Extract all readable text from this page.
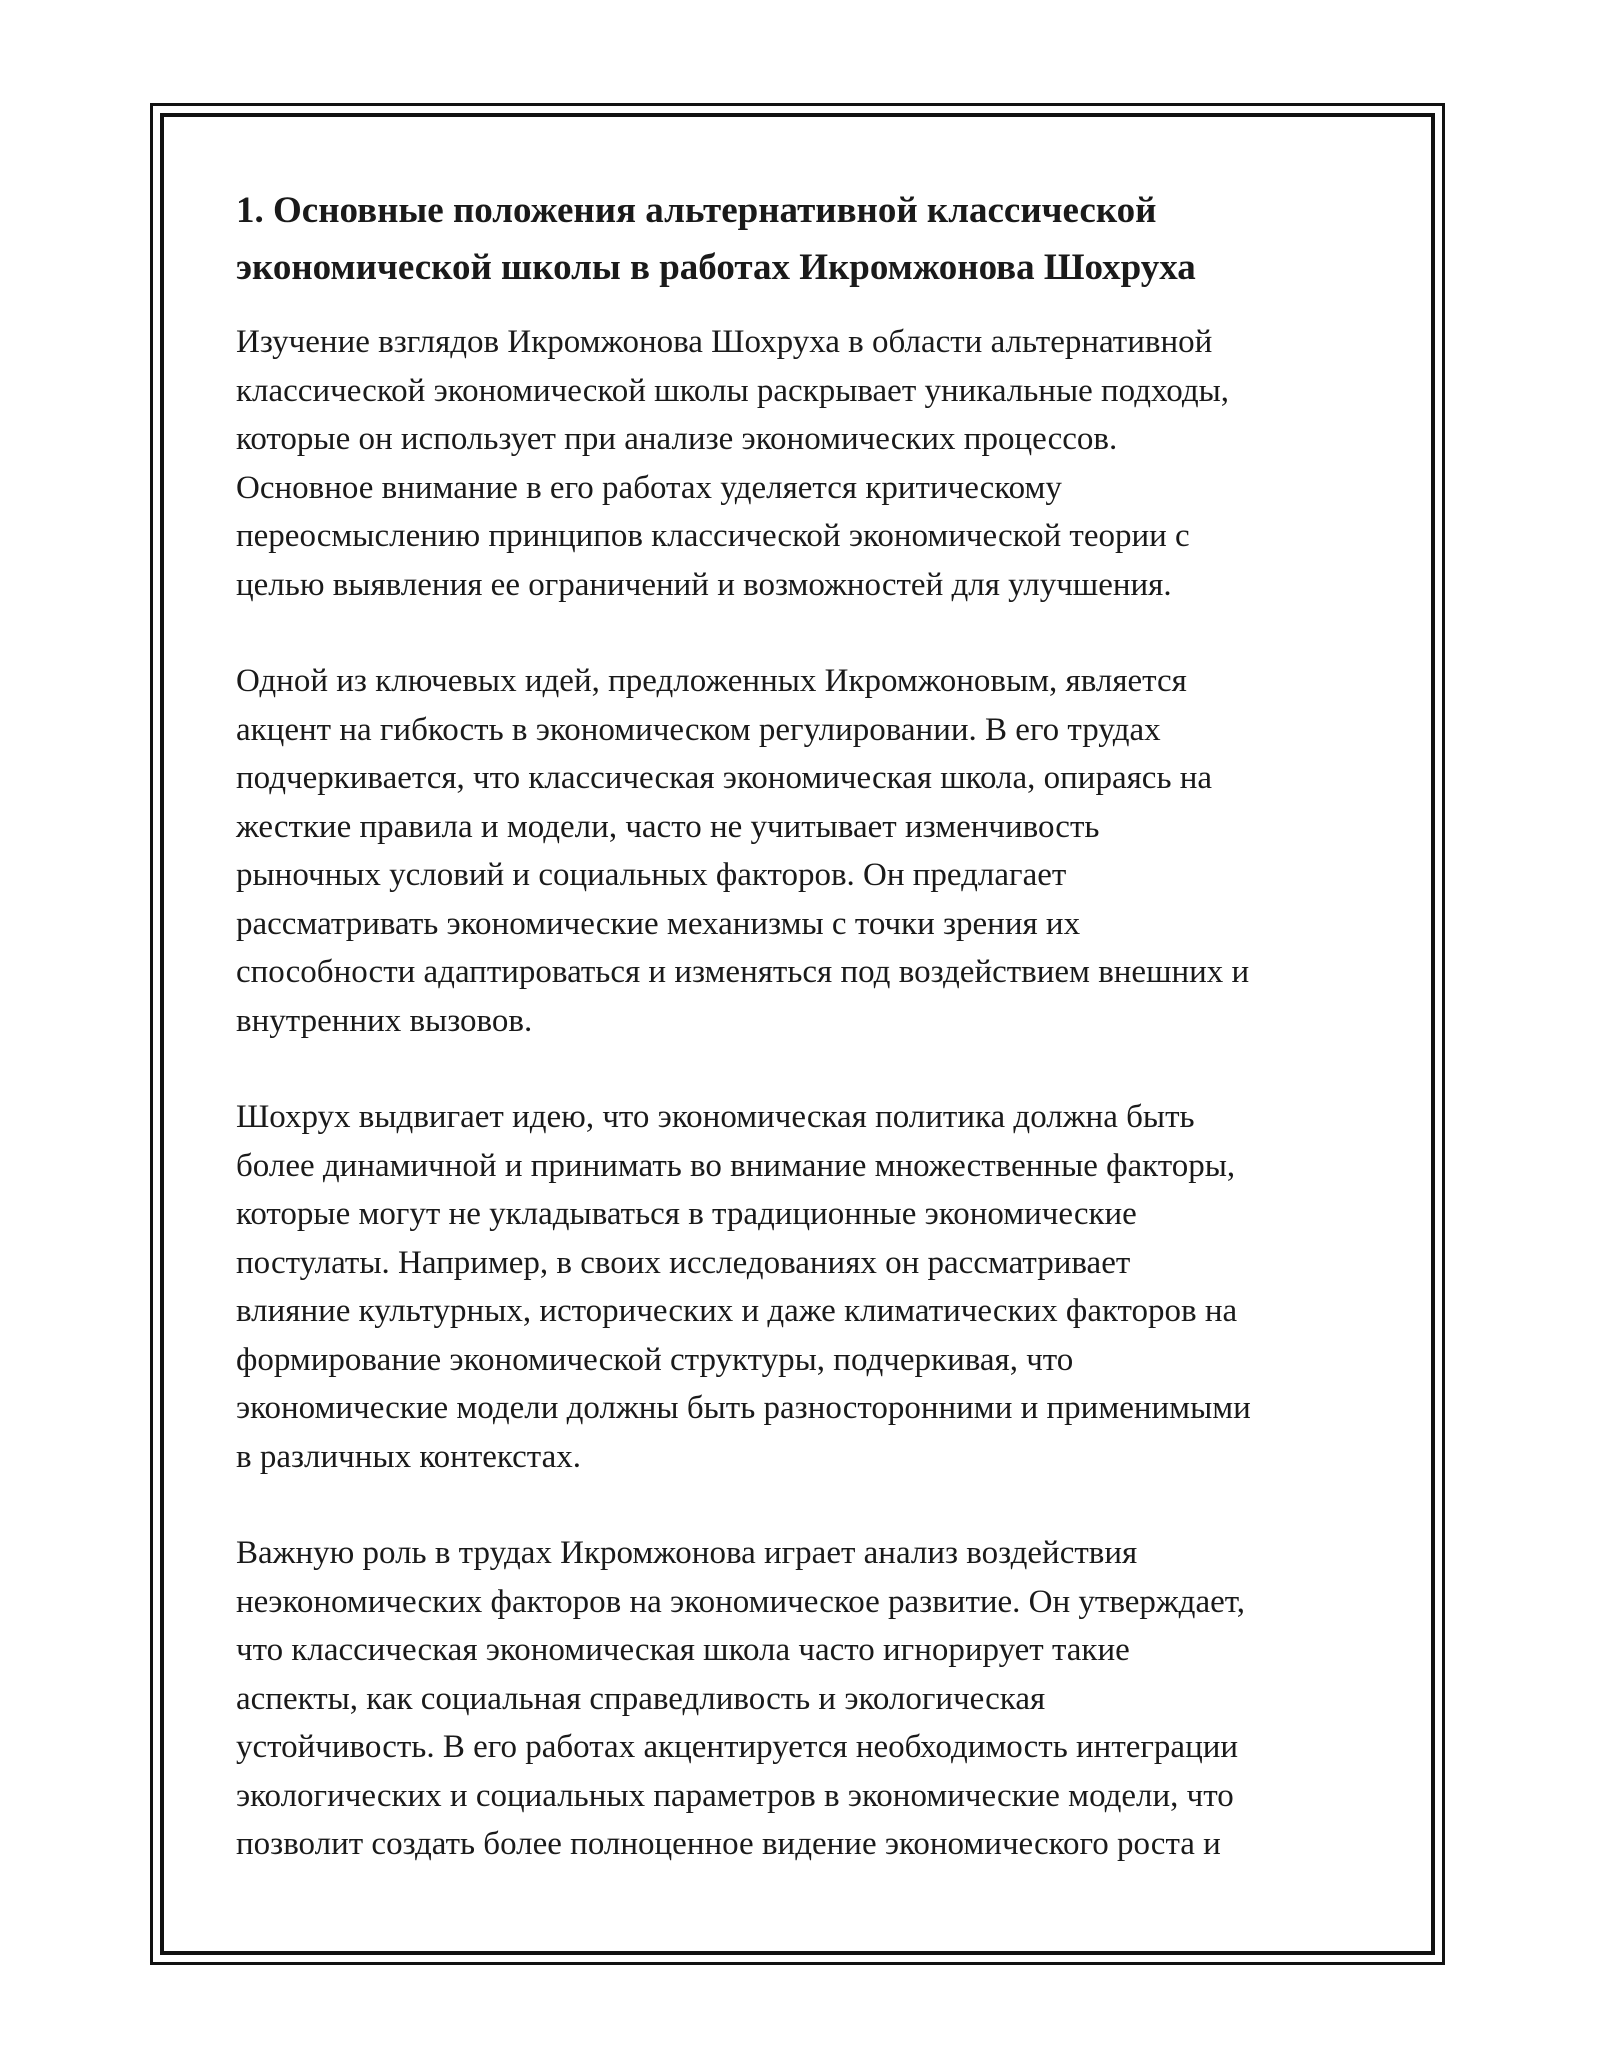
1. Основные положения альтернативной классической
экономической школы в работах Икромжонова Шохруха

Изучение взглядов Икромжонова Шохруха в области альтернативной
классической экономической школы раскрывает уникальные подходы,
которые он использует при анализе экономических процессов.
Основное внимание в его работах уделяется критическому
переосмыслению принципов классической экономической теории с
целью выявления ее ограничений и возможностей для улучшения.

Одной из ключевых идей, предложенных Икромжоновым, является
акцент на гибкость в экономическом регулировании. В его трудах
подчеркивается, что классическая экономическая школа, опираясь на
жесткие правила и модели, часто не учитывает изменчивость
рыночных условий и социальных факторов. Он предлагает
рассматривать экономические механизмы с точки зрения их
способности адаптироваться и изменяться под воздействием внешних и
внутренних вызовов.

Шохрух выдвигает идею, что экономическая политика должна быть
более динамичной и принимать во внимание множественные факторы,
которые могут не укладываться в традиционные экономические
постулаты. Например, в своих исследованиях он рассматривает
влияние культурных, исторических и даже климатических факторов на
формирование экономической структуры, подчеркивая, что
экономические модели должны быть разносторонними и применимыми
в различных контекстах.

Важную роль в трудах Икромжонова играет анализ воздействия
неэкономических факторов на экономическое развитие. Он утверждает,
что классическая экономическая школа часто игнорирует такие
аспекты, как социальная справедливость и экологическая
устойчивость. В его работах акцентируется необходимость интеграции
экологических и социальных параметров в экономические модели, что
позволит создать более полноценное видение экономического роста и
